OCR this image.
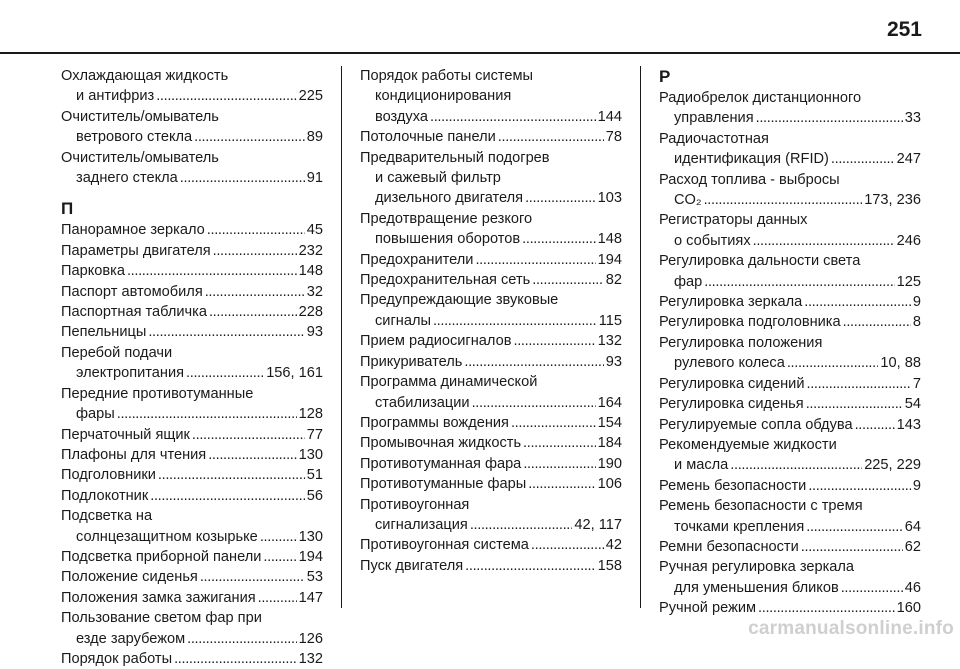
251
Охлаждающая жидкость
и антифриз . . .	225
Очиститель/омыватель
ветрового стекла . . .	89
Очиститель/омыватель
заднего стекла . . .	91
П
Панорамное зеркало . . .	45
Параметры двигателя . . .	232
Парковка . . .	148
Паспорт автомобиля . . .	32
Паспортная табличка . . .	228
Пепельницы . . .	93
Перебой подачи
электропитания . . .	156, 161
Передние противотуманные
фары . . .	128
Перчаточный ящик . . .	77
Плафоны для чтения . . .	130
Подголовники . . .	51
Подлокотник . . .	56
Подсветка на
солнцезащитном козырьке . . .	130
Подсветка приборной панели . . .	194
Положение сиденья . . .	53
Положения замка зажигания . . .	147
Пользование светом фар при
езде зарубежом . . .	126
Порядок работы . . .	132
Порядок работы системы
кондиционирования
воздуха . . .	144
Потолочные панели . . .	78
Предварительный подогрев
и сажевый фильтр
дизельного двигателя . . .	103
Предотвращение резкого
повышения оборотов . . .	148
Предохранители . . .	194
Предохранительная сеть . . .	82
Предупреждающие звуковые
сигналы . . .	115
Прием радиосигналов . . .	132
Прикуриватель . . .	93
Программа динамической
стабилизации . . .	164
Программы вождения . . .	154
Промывочная жидкость . . .	184
Противотуманная фара . . .	190
Противотуманные фары . . .	106
Противоугонная
сигнализация . . .	42, 117
Противоугонная система . . .	42
Пуск двигателя . . .	158
Р
Радиобрелок дистанционного
управления . . .	33
Радиочастотная
идентификация (RFID) . . .	247
Расход топлива - выбросы
CO₂ . . .	173, 236
Регистраторы данных
о событиях . . .	246
Регулировка дальности света
фар . . .	125
Регулировка зеркала . . .	9
Регулировка подголовника . . .	8
Регулировка положения
рулевого колеса . . .	10, 88
Регулировка сидений . . .	7
Регулировка сиденья . . .	54
Регулируемые сопла обдува . . .	143
Рекомендуемые жидкости
и масла . . .	225, 229
Ремень безопасности . . .	9
Ремень безопасности с тремя
точками крепления . . .	64
Ремни безопасности . . .	62
Ручная регулировка зеркала
для уменьшения бликов . . .	46
Ручной режим . . .	160
carmanualsonline.info
